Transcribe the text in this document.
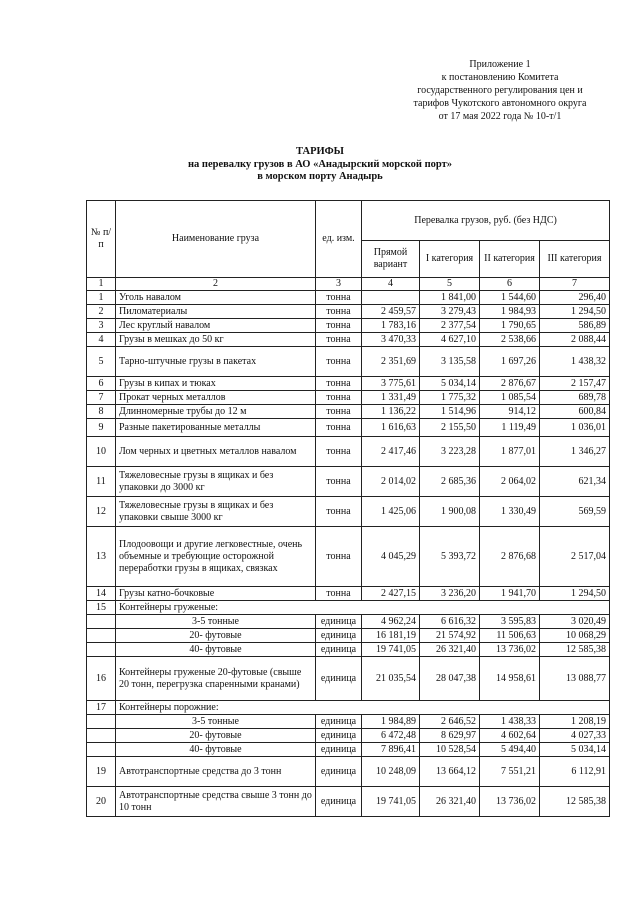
Приложение 1
к постановлению Комитета
государственного регулирования цен и
тарифов Чукотского автономного округа
от 17 мая 2022 года № 10-т/1
ТАРИФЫ
на перевалку грузов в АО «Анадырский морской порт»
в морском порту Анадырь
№ п/п	Наименование груза	ед. изм.	Перевалка грузов, руб. (без НДС)			
			Прямой вариант	I категория	II категория	III категория
1	2	3	4	5	6	7
1	Уголь навалом	тонна		1 841,00	1 544,60	296,40
2	Пиломатериалы	тонна	2 459,57	3 279,43	1 984,93	1 294,50
3	Лес круглый навалом	тонна	1 783,16	2 377,54	1 790,65	586,89
4	Грузы в мешках до 50 кг	тонна	3 470,33	4 627,10	2 538,66	2 088,44
5	Тарно-штучные грузы в пакетах	тонна	2 351,69	3 135,58	1 697,26	1 438,32
6	Грузы в кипах и тюках	тонна	3 775,61	5 034,14	2 876,67	2 157,47
7	Прокат черных металлов	тонна	1 331,49	1 775,32	1 085,54	689,78
8	Длинномерные трубы до 12 м	тонна	1 136,22	1 514,96	914,12	600,84
9	Разные пакетированные металлы	тонна	1 616,63	2 155,50	1 119,49	1 036,01
10	Лом черных и цветных металлов навалом	тонна	2 417,46	3 223,28	1 877,01	1 346,27
11	Тяжеловесные грузы в ящиках и без упаковки до 3000 кг	тонна	2 014,02	2 685,36	2 064,02	621,34
12	Тяжеловесные грузы в ящиках и без упаковки свыше 3000 кг	тонна	1 425,06	1 900,08	1 330,49	569,59
13	Плодоовощи и другие легковестные, очень объемные и требующие осторожной переработки грузы в ящиках, связках	тонна	4 045,29	5 393,72	2 876,68	2 517,04
14	Грузы катно-бочковые	тонна	2 427,15	3 236,20	1 941,70	1 294,50
15	Контейнеры груженые:					
	3-5 тонные	единица	4 962,24	6 616,32	3 595,83	3 020,49
	20- футовые	единица	16 181,19	21 574,92	11 506,63	10 068,29
	40- футовые	единица	19 741,05	26 321,40	13 736,02	12 585,38
16	Контейнеры груженые 20-футовые (свыше 20 тонн, перегрузка спаренными кранами)	единица	21 035,54	28 047,38	14 958,61	13 088,77
17	Контейнеры порожние:					
	3-5 тонные	единица	1 984,89	2 646,52	1 438,33	1 208,19
	20- футовые	единица	6 472,48	8 629,97	4 602,64	4 027,33
	40- футовые	единица	7 896,41	10 528,54	5 494,40	5 034,14
19	Автотранспортные средства до 3 тонн	единица	10 248,09	13 664,12	7 551,21	6 112,91
20	Автотранспортные средства свыше 3 тонн до 10 тонн	единица	19 741,05	26 321,40	13 736,02	12 585,38
